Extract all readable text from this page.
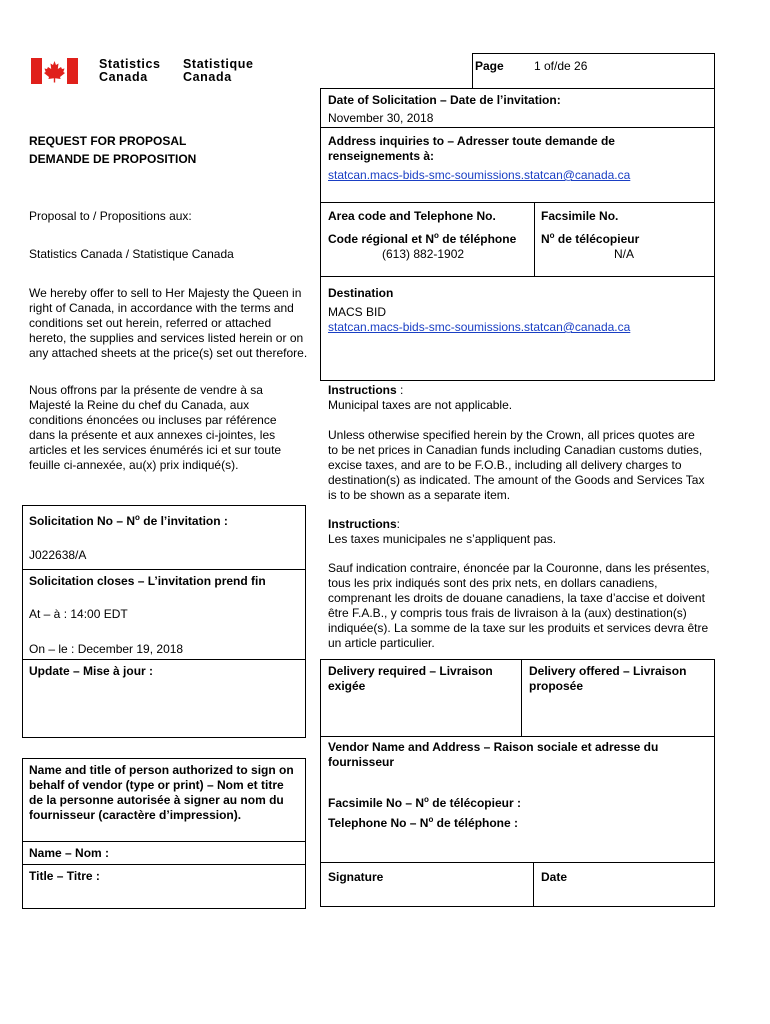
Statistics
Canada
Statistique
Canada
Page	1 of/de 26
Date of Solicitation – Date de l’invitation:
November 30, 2018
Address inquiries to – Adresser toute demande de renseignements à:
statcan.macs-bids-smc-soumissions.statcan@canada.ca
Area code and Telephone No.
Code régional et $N^o$ de téléphone
(613) 882-1902
Facsimile No.
$N^o$ de télécopieur
N/A
Destination
MACS BID
statcan.macs-bids-smc-soumissions.statcan@canada.ca
Instructions :
Municipal taxes are not applicable.
Unless otherwise specified herein by the Crown, all prices quotes are to be net prices in Canadian funds including Canadian customs duties, excise taxes, and are to be F.O.B., including all delivery charges to destination(s) as indicated. The amount of the Goods and Services Tax is to be shown as a separate item.
Instructions:
Les taxes municipales ne s’appliquent pas.
Sauf indication contraire, énoncée par la Couronne, dans les présentes, tous les prix indiqués sont des prix nets, en dollars canadiens, comprenant les droits de douane canadiens, la taxe d’accise et doivent être F.A.B., y compris tous frais de livraison à la (aux) destination(s) indiquée(s). La somme de la taxe sur les produits et services devra être un article particulier.
Delivery required – Livraison exigée
Delivery offered – Livraison proposée
Vendor Name and Address – Raison sociale et adresse du fournisseur
Facsimile No – $N^o$ de télécopieur :
Telephone No – $N^o$ de téléphone :
Signature	Date
REQUEST FOR PROPOSAL
DEMANDE DE PROPOSITION
Proposal to / Propositions aux:
Statistics Canada / Statistique Canada
We hereby offer to sell to Her Majesty the Queen in right of Canada, in accordance with the terms and conditions set out herein, referred or attached hereto, the supplies and services listed herein or on any attached sheets at the price(s) set out therefore.
Nous offrons par la présente de vendre à sa Majesté la Reine du chef du Canada, aux conditions énoncées ou incluses par référence dans la présente et aux annexes ci-jointes, les articles et les services énumérés ici et sur toute feuille ci-annexée, au(x) prix indiqué(s).
Solicitation No – $N^o$ de l’invitation :
J022638/A
Solicitation closes – L’invitation prend fin
At – à : 14:00 EDT
On – le : December 19, 2018
Update – Mise à jour :
Name and title of person authorized to sign on behalf of vendor (type or print) – Nom et titre de la personne autorisée à signer au nom du fournisseur (caractère d’impression).
Name – Nom :
Title – Titre :
